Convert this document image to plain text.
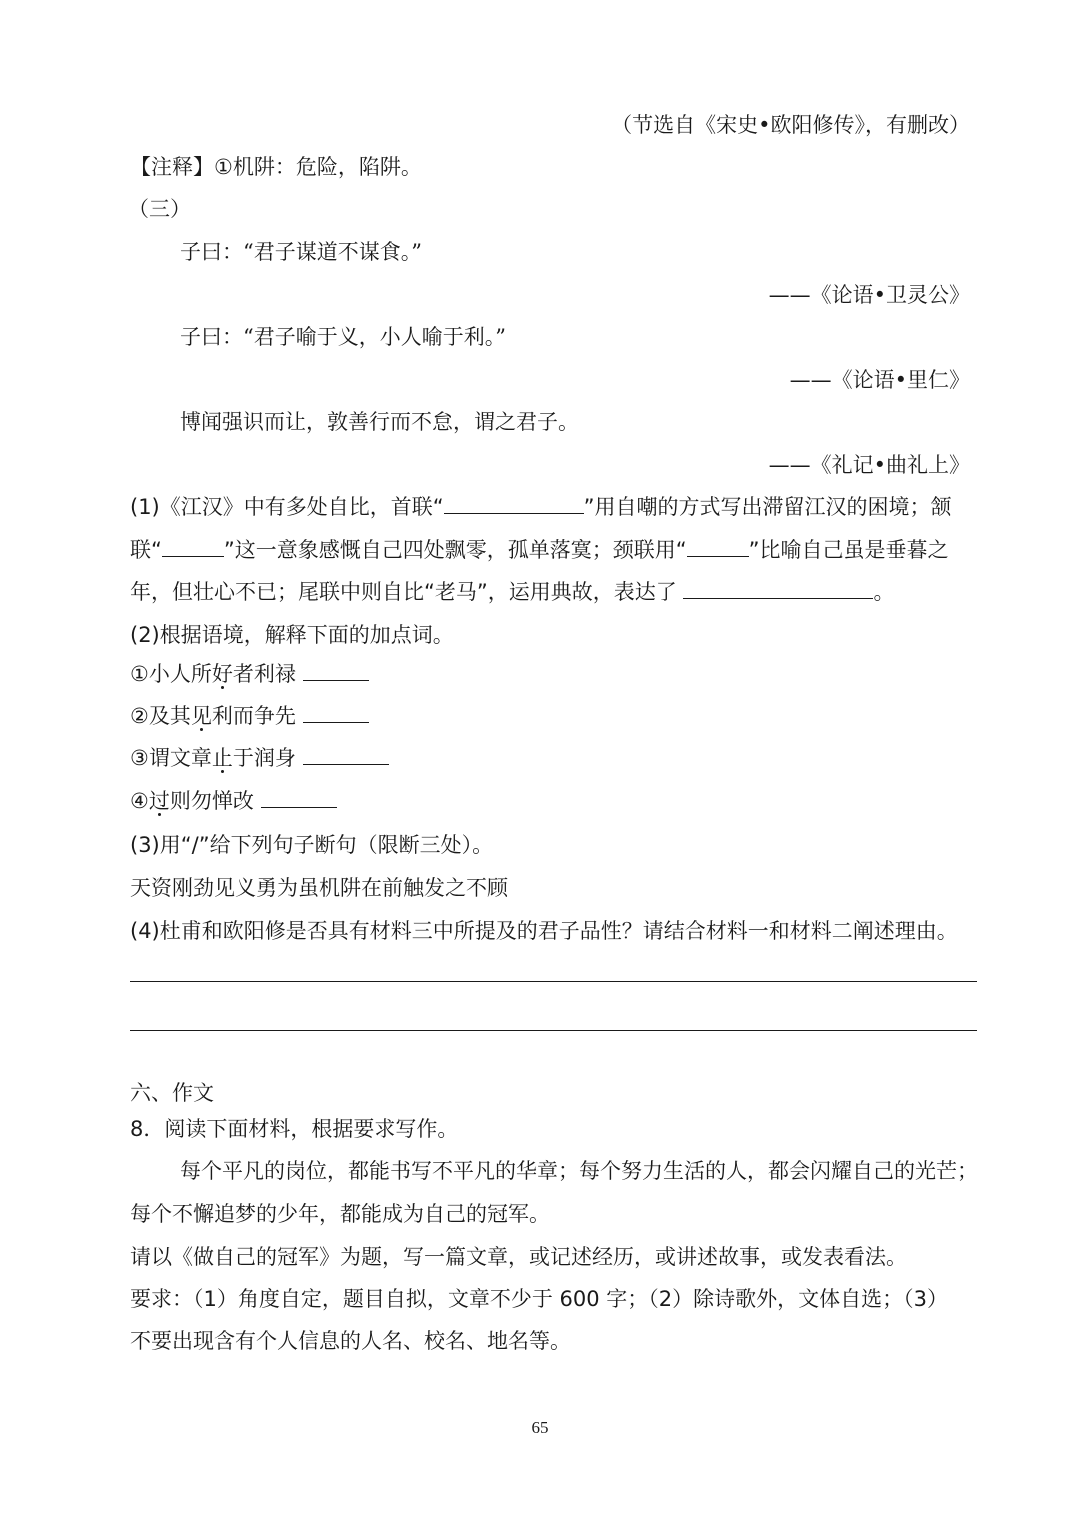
（节选自《宋史•欧阳修传》，有删改）
【注释】①机阱：危险，陷阱。
（三）
子曰：“君子谋道不谋食。”
——《论语•卫灵公》
子曰：“君子喻于义，小人喻于利。”
——《论语•里仁》
博闻强识而让，敦善行而不怠，谓之君子。
——《礼记•曲礼上》
(1)《江汉》中有多处自比，首联“	”用自嘲的方式写出滞留江汉的困境；颔
联“	”这一意象感慨自己四处飘零，孤单落寞；颈联用“	”比喻自己虽是垂暮之
年，但壮心不已；尾联中则自比“老马”，运用典故，表达了	。
(2)根据语境，解释下面的加点词。
①小人所好者利禄
②及其见利而争先
③谓文章止于润身
④过则勿惮改
(3)用“/”给下列句子断句（限断三处）。
天资刚劲见义勇为虽机阱在前触发之不顾
(4)杜甫和欧阳修是否具有材料三中所提及的君子品性？请结合材料一和材料二阐述理由。
六、作文
8．阅读下面材料，根据要求写作。
每个平凡的岗位，都能书写不平凡的华章；每个努力生活的人，都会闪耀自己的光芒；
每个不懈追梦的少年，都能成为自己的冠军。
请以《做自己的冠军》为题，写一篇文章，或记述经历，或讲述故事，或发表看法。
要求：（1）角度自定，题目自拟，文章不少于 600 字；（2）除诗歌外，文体自选；（3）
不要出现含有个人信息的人名、校名、地名等。
65
